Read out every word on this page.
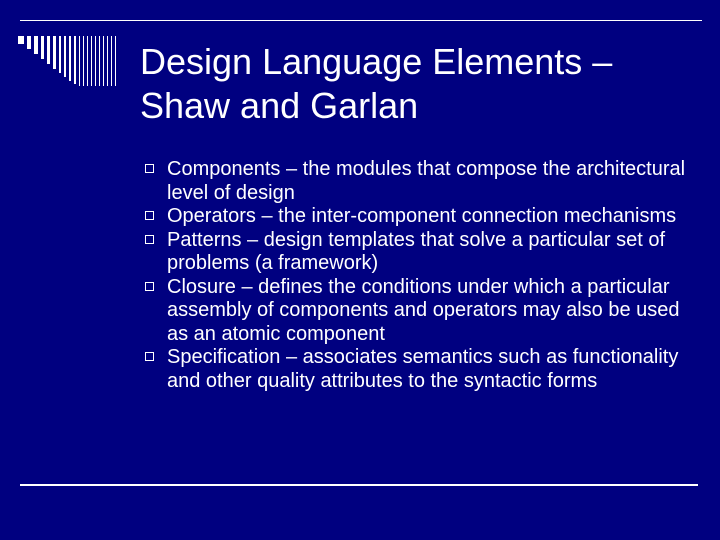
Design Language Elements –
Shaw and Garlan
Components – the modules that compose the architectural level of design
Operators – the inter-component connection mechanisms
Patterns – design templates that solve a particular set of problems (a framework)
Closure – defines the conditions under which a particular assembly of components and operators may also be used as an atomic component
Specification – associates semantics such as functionality and other quality attributes to the syntactic forms
